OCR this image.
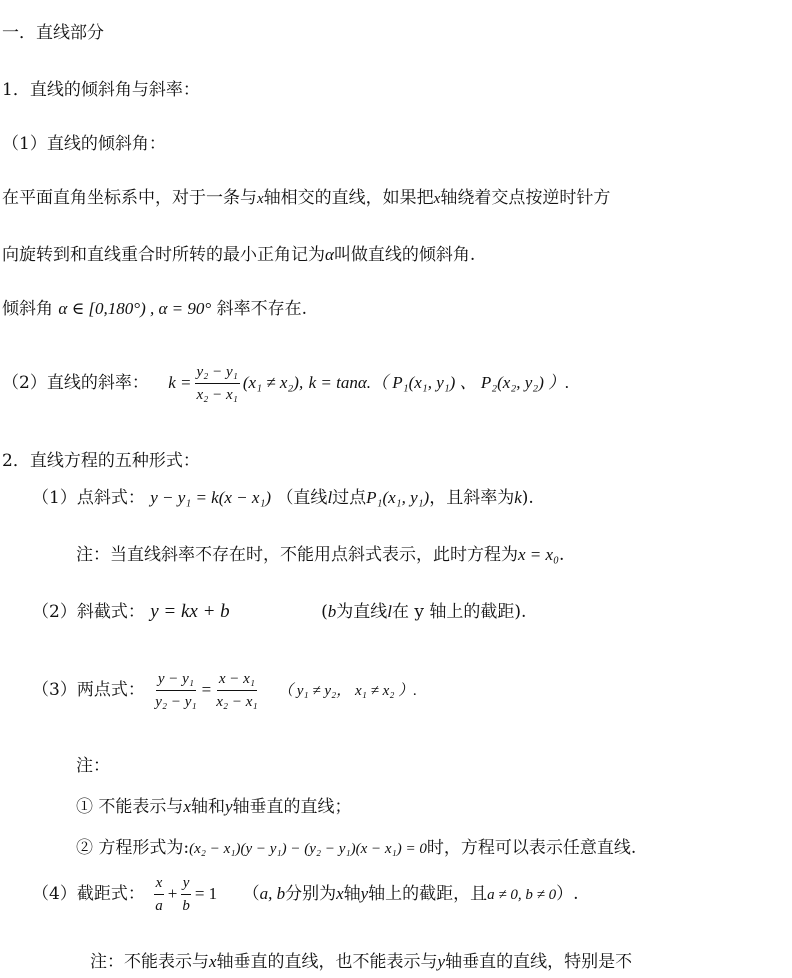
一．直线部分
1．直线的倾斜角与斜率：
（1）直线的倾斜角：
在平面直角坐标系中，对于一条与x轴相交的直线，如果把x轴绕着交点按逆时针方
向旋转到和直线重合时所转的最小正角记为α叫做直线的倾斜角.
倾斜角 α ∈ [0,180°) , α = 90° 斜率不存在.
（2）直线的斜率： $k = \frac{\text{y₂ − y₁}}{\text{x₂ − x₁}} (x_1 \ne x_2)$, k = tanα.（ P₁(x₁, y₁) 、 P₂(x₂, y₂) ）.
2．直线方程的五种形式：
（1）点斜式： y − y₁ = k(x − x₁) （直线l过点P₁(x₁, y₁)，且斜率为k).
注：当直线斜率不存在时，不能用点斜式表示，此时方程为x = x₀.
（2）斜截式： y = kx + b	(b为直线l在 y 轴上的截距).
（3）两点式： $\frac{\text{y − y₁}}{\text{y₂ − y₁}} = \frac{\text{x − x₁}}{\text{x₂ − x₁}}$ （ y₁ ≠ y₂， x₁ ≠ x₂ ）.
注：
① 不能表示与x轴和y轴垂直的直线；
② 方程形式为:(x₂ − x₁)(y − y₁) − (y₂ − y₁)(x − x₁) = 0时，方程可以表示任意直线.
（4）截距式： $\frac{x}{a} + \frac{y}{b} = 1$ （a, b分别为x轴y轴上的截距，且a ≠ 0, b ≠ 0）.
注：不能表示与x轴垂直的直线，也不能表示与y轴垂直的直线，特别是不
